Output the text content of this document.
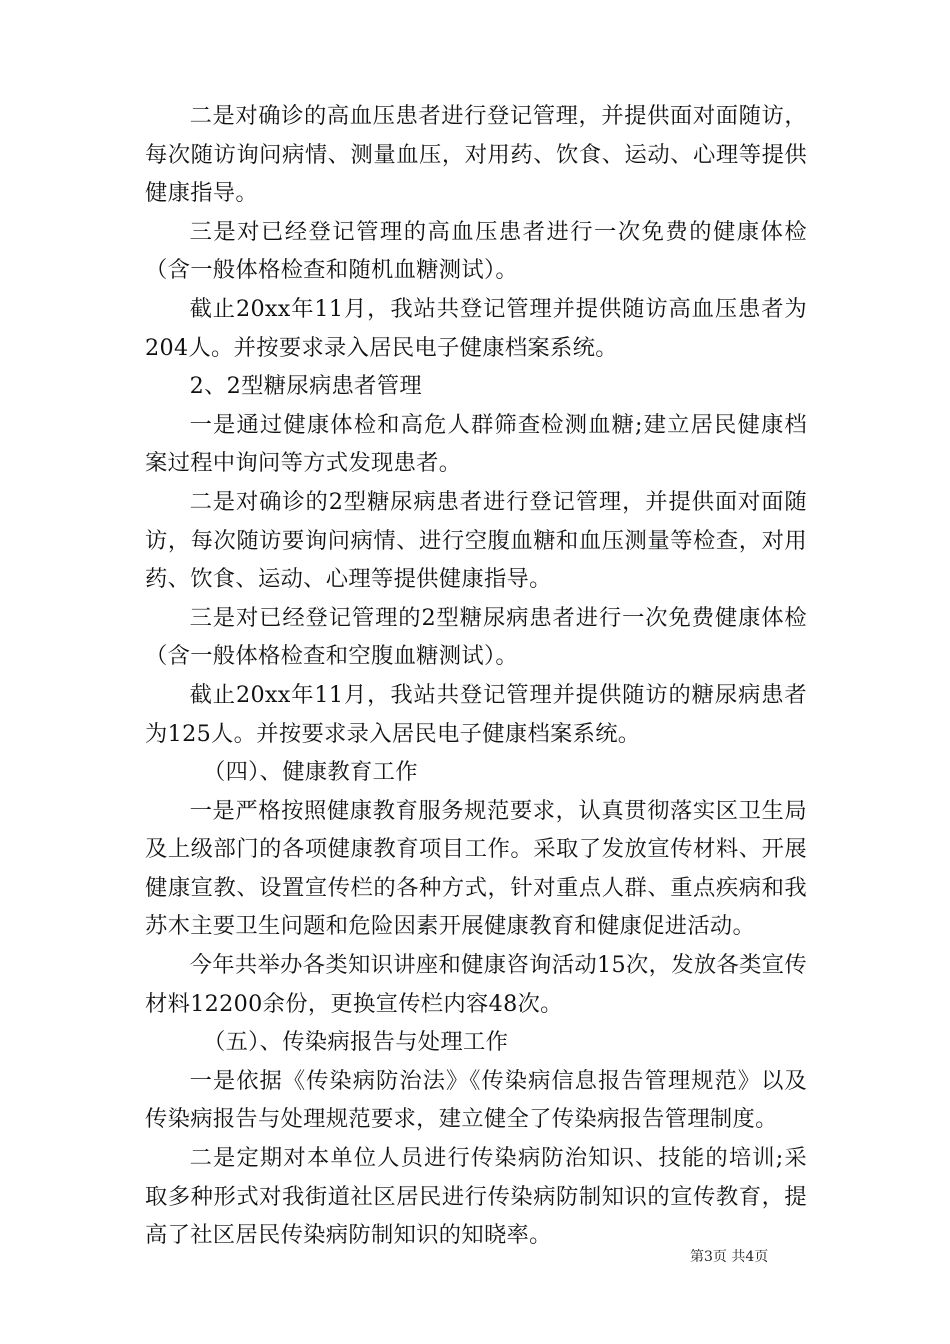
二是对确诊的高血压患者进行登记管理，并提供面对面随访，每次随访询问病情、测量血压，对用药、饮食、运动、心理等提供健康指导。

三是对已经登记管理的高血压患者进行一次免费的健康体检（含一般体格检查和随机血糖测试）。

截止20xx年11月，我站共登记管理并提供随访高血压患者为204人。并按要求录入居民电子健康档案系统。

2、2型糖尿病患者管理

一是通过健康体检和高危人群筛查检测血糖;建立居民健康档案过程中询问等方式发现患者。

二是对确诊的2型糖尿病患者进行登记管理，并提供面对面随访，每次随访要询问病情、进行空腹血糖和血压测量等检查，对用药、饮食、运动、心理等提供健康指导。

三是对已经登记管理的2型糖尿病患者进行一次免费健康体检（含一般体格检查和空腹血糖测试）。

截止20xx年11月，我站共登记管理并提供随访的糖尿病患者为125人。并按要求录入居民电子健康档案系统。

（四）、健康教育工作

一是严格按照健康教育服务规范要求，认真贯彻落实区卫生局及上级部门的各项健康教育项目工作。采取了发放宣传材料、开展健康宣教、设置宣传栏的各种方式，针对重点人群、重点疾病和我苏木主要卫生问题和危险因素开展健康教育和健康促进活动。

今年共举办各类知识讲座和健康咨询活动15次，发放各类宣传材料12200余份，更换宣传栏内容48次。

（五）、传染病报告与处理工作

一是依据《传染病防治法》《传染病信息报告管理规范》以及传染病报告与处理规范要求，建立健全了传染病报告管理制度。

二是定期对本单位人员进行传染病防治知识、技能的培训;采取多种形式对我街道社区居民进行传染病防制知识的宣传教育，提高了社区居民传染病防制知识的知晓率。

第3页 共4页
